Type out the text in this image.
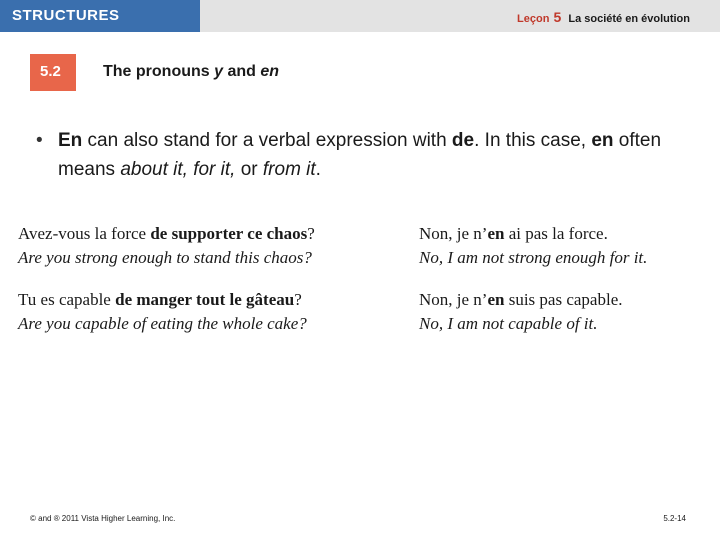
STRUCTURES	Leçon 5 La société en évolution
5.2	The pronouns y and en
• En can also stand for a verbal expression with de. In this case, en often means about it, for it, or from it.
Avez-vous la force de supporter ce chaos?
Are you strong enough to stand this chaos?
Non, je n’en ai pas la force.
No, I am not strong enough for it.
Tu es capable de manger tout le gâteau?
Are you capable of eating the whole cake?
Non, je n’en suis pas capable.
No, I am not capable of it.
© and ® 2011 Vista Higher Learning, Inc.	5.2-14
